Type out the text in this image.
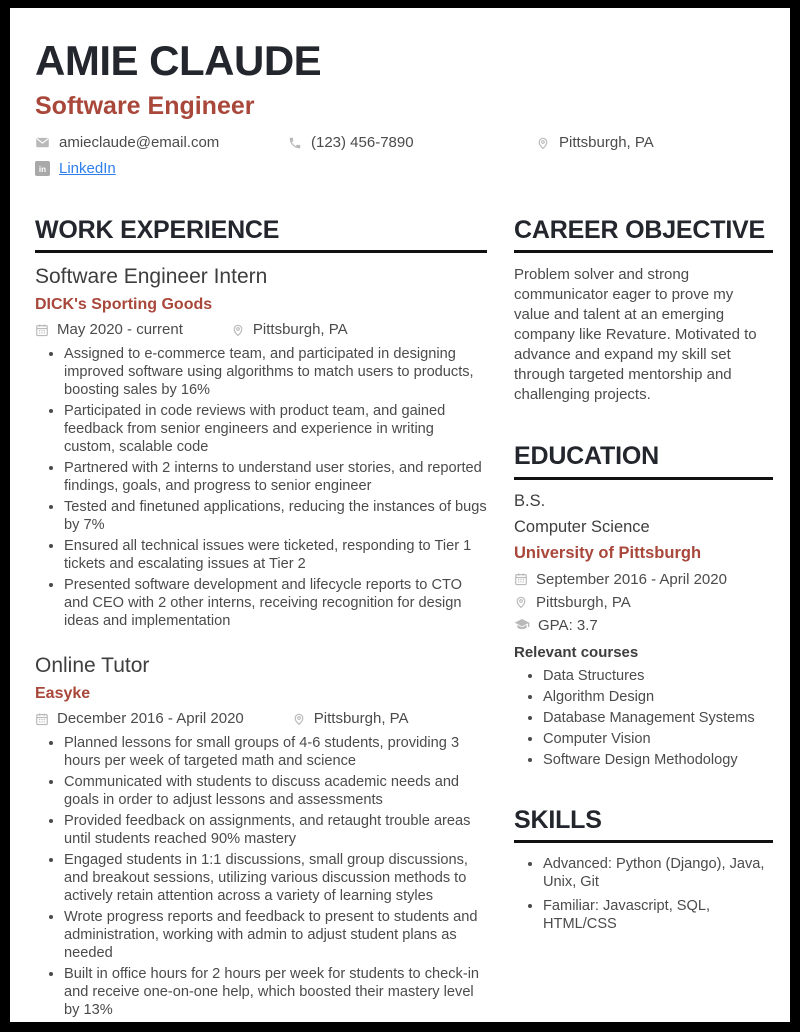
AMIE CLAUDE
Software Engineer
amieclaude@email.com	(123) 456-7890	Pittsburgh, PA
in LinkedIn
WORK EXPERIENCE
Software Engineer Intern
DICK's Sporting Goods
May 2020 - current	Pittsburgh, PA
• Assigned to e-commerce team, and participated in designing improved software using algorithms to match users to products, boosting sales by 16%
• Participated in code reviews with product team, and gained feedback from senior engineers and experience in writing custom, scalable code
• Partnered with 2 interns to understand user stories, and reported findings, goals, and progress to senior engineer
• Tested and finetuned applications, reducing the instances of bugs by 7%
• Ensured all technical issues were ticketed, responding to Tier 1 tickets and escalating issues at Tier 2
• Presented software development and lifecycle reports to CTO and CEO with 2 other interns, receiving recognition for design ideas and implementation
Online Tutor
Easyke
December 2016 - April 2020	Pittsburgh, PA
• Planned lessons for small groups of 4-6 students, providing 3 hours per week of targeted math and science
• Communicated with students to discuss academic needs and goals in order to adjust lessons and assessments
• Provided feedback on assignments, and retaught trouble areas until students reached 90% mastery
• Engaged students in 1:1 discussions, small group discussions, and breakout sessions, utilizing various discussion methods to actively retain attention across a variety of learning styles
• Wrote progress reports and feedback to present to students and administration, working with admin to adjust student plans as needed
• Built in office hours for 2 hours per week for students to check-in and receive one-on-one help, which boosted their mastery level by 13%
CAREER OBJECTIVE
Problem solver and strong communicator eager to prove my value and talent at an emerging company like Revature. Motivated to advance and expand my skill set through targeted mentorship and challenging projects.
EDUCATION
B.S.
Computer Science
University of Pittsburgh
September 2016 - April 2020
Pittsburgh, PA
GPA: 3.7
Relevant courses
• Data Structures
• Algorithm Design
• Database Management Systems
• Computer Vision
• Software Design Methodology
SKILLS
• Advanced: Python (Django), Java, Unix, Git
• Familiar: Javascript, SQL, HTML/CSS
